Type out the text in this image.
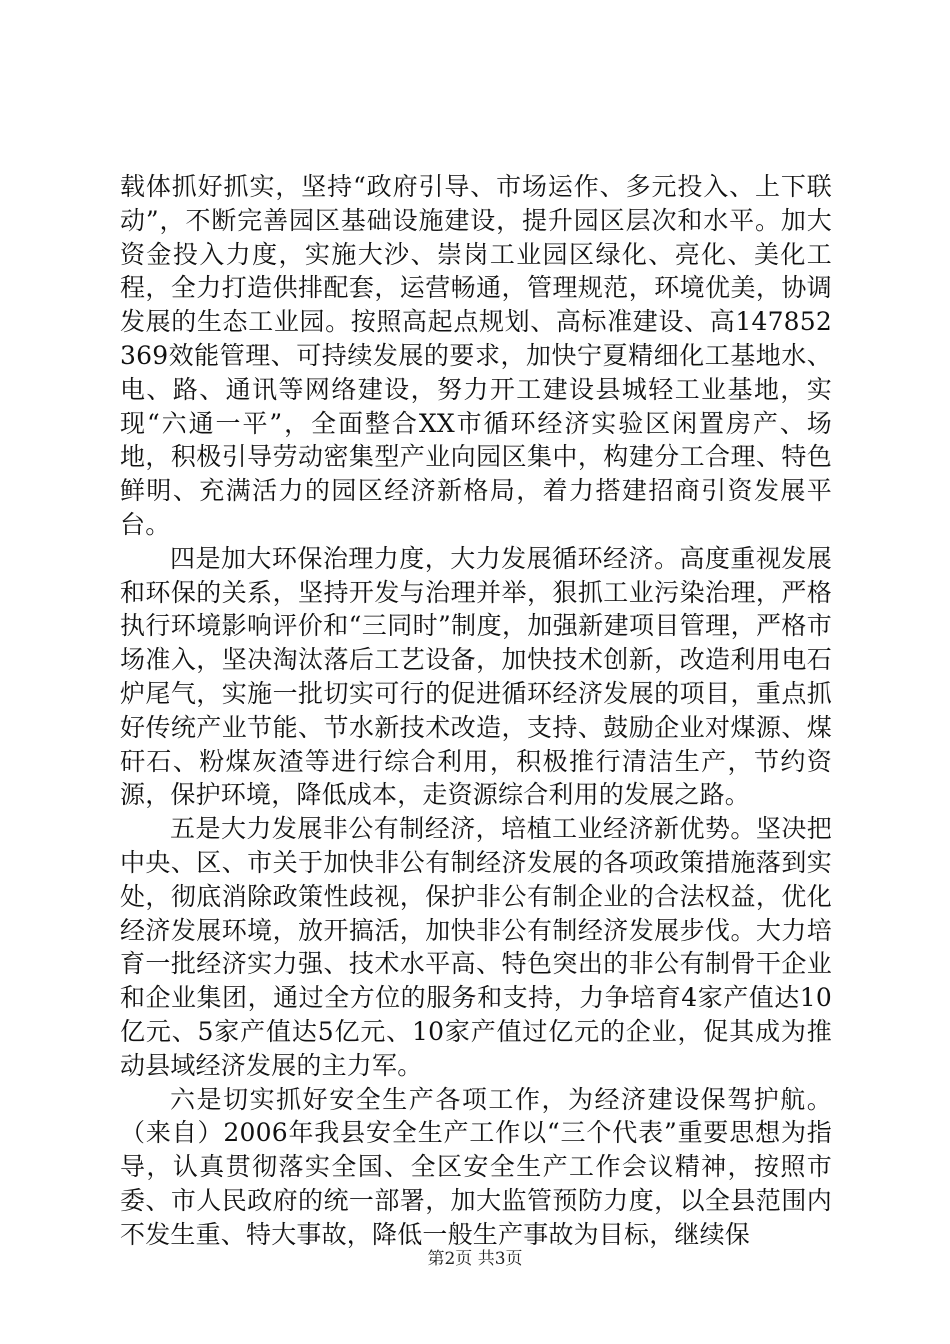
载体抓好抓实，坚持“政府引导、市场运作、多元投入、上下联动”，不断完善园区基础设施建设，提升园区层次和水平。加大资金投入力度，实施大沙、崇岗工业园区绿化、亮化、美化工程，全力打造供排配套，运营畅通，管理规范，环境优美，协调发展的生态工业园。按照高起点规划、高标准建设、高147852369效能管理、可持续发展的要求，加快宁夏精细化工基地水、电、路、通讯等网络建设，努力开工建设县城轻工业基地，实现“六通一平”，全面整合XX市循环经济实验区闲置房产、场地，积极引导劳动密集型产业向园区集中，构建分工合理、特色鲜明、充满活力的园区经济新格局，着力搭建招商引资发展平台。

四是加大环保治理力度，大力发展循环经济。高度重视发展和环保的关系，坚持开发与治理并举，狠抓工业污染治理，严格执行环境影响评价和“三同时”制度，加强新建项目管理，严格市场准入，坚决淘汰落后工艺设备，加快技术创新，改造利用电石炉尾气，实施一批切实可行的促进循环经济发展的项目，重点抓好传统产业节能、节水新技术改造，支持、鼓励企业对煤源、煤矸石、粉煤灰渣等进行综合利用，积极推行清洁生产，节约资源，保护环境，降低成本，走资源综合利用的发展之路。

五是大力发展非公有制经济，培植工业经济新优势。坚决把中央、区、市关于加快非公有制经济发展的各项政策措施落到实处，彻底消除政策性歧视，保护非公有制企业的合法权益，优化经济发展环境，放开搞活，加快非公有制经济发展步伐。大力培育一批经济实力强、技术水平高、特色突出的非公有制骨干企业和企业集团，通过全方位的服务和支持，力争培育4家产值达10亿元、5家产值达5亿元、10家产值过亿元的企业，促其成为推动县域经济发展的主力军。

六是切实抓好安全生产各项工作，为经济建设保驾护航。（来自）2006年我县安全生产工作以“三个代表”重要思想为指导，认真贯彻落实全国、全区安全生产工作会议精神，按照市委、市人民政府的统一部署，加大监管预防力度，以全县范围内不发生重、特大事故，降低一般生产事故为目标，继续保

第2页 共3页
